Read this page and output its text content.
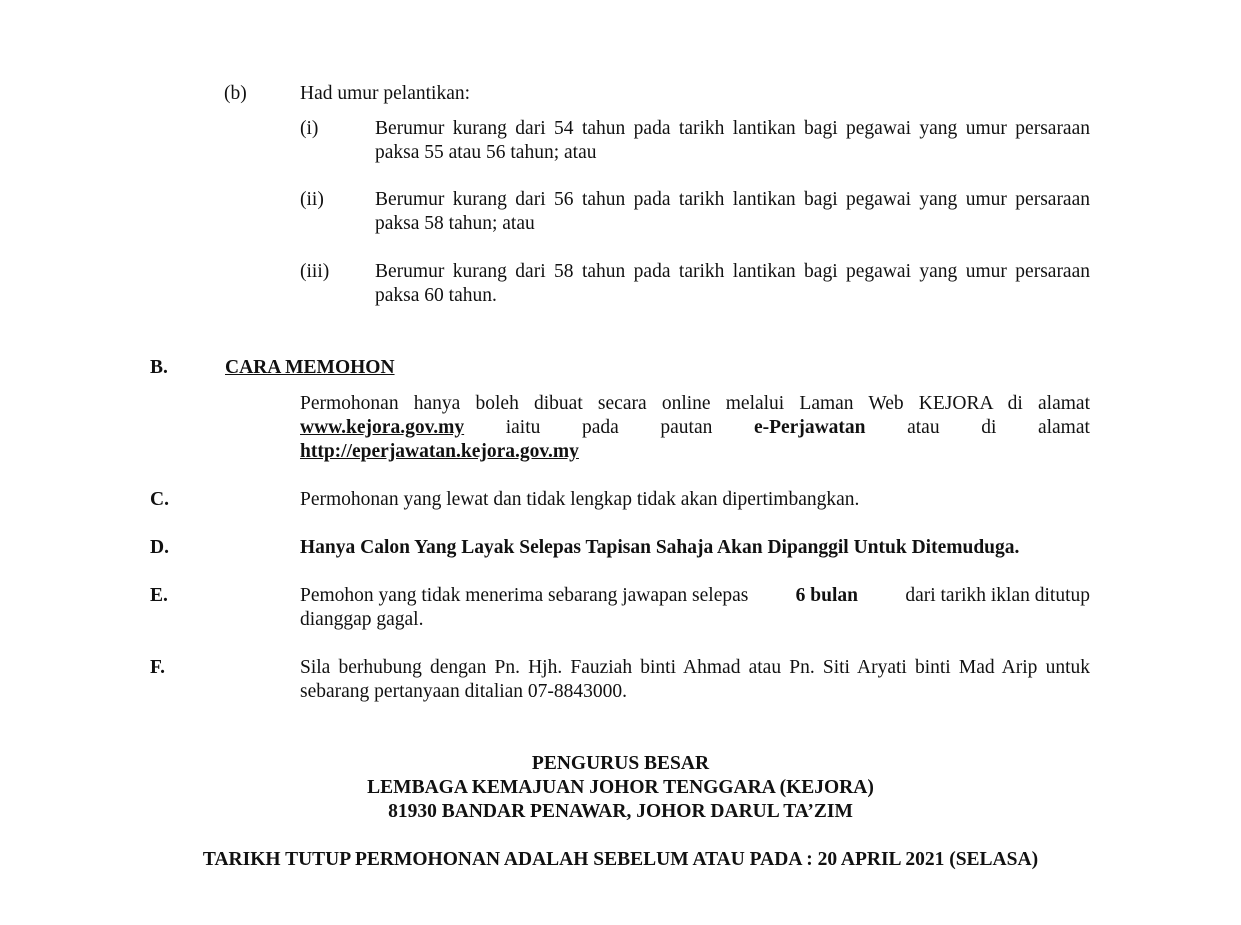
(b)	Had umur pelantikan:
(i)	Berumur kurang dari 54 tahun pada tarikh lantikan bagi pegawai yang umur persaraan
paksa 55 atau 56 tahun; atau
(ii)	Berumur kurang dari 56 tahun pada tarikh lantikan bagi pegawai yang umur persaraan
paksa 58 tahun; atau
(iii) Berumur kurang dari 58 tahun pada tarikh lantikan bagi pegawai yang umur persaraan
paksa 60 tahun.
B.	CARA MEMOHON
Permohonan hanya boleh dibuat secara online melalui Laman Web KEJORA di alamat
www.kejora.gov.my iaitu pada pautan e-Perjawatan atau di alamat
http://eperjawatan.kejora.gov.my
C.	Permohonan yang lewat dan tidak lengkap tidak akan dipertimbangkan.
D.	Hanya Calon Yang Layak Selepas Tapisan Sahaja Akan Dipanggil Untuk Ditemuduga.
E.	Pemohon yang tidak menerima sebarang jawapan selepas 6 bulan dari tarikh iklan ditutup
dianggap gagal.
F.	Sila berhubung dengan Pn. Hjh. Fauziah binti Ahmad atau Pn. Siti Aryati binti Mad Arip untuk
sebarang pertanyaan ditalian 07-8843000.
PENGURUS BESAR
LEMBAGA KEMAJUAN JOHOR TENGGARA (KEJORA)
81930 BANDAR PENAWAR, JOHOR DARUL TA’ZIM
TARIKH TUTUP PERMOHONAN ADALAH SEBELUM ATAU PADA : 20 APRIL 2021 (SELASA)
